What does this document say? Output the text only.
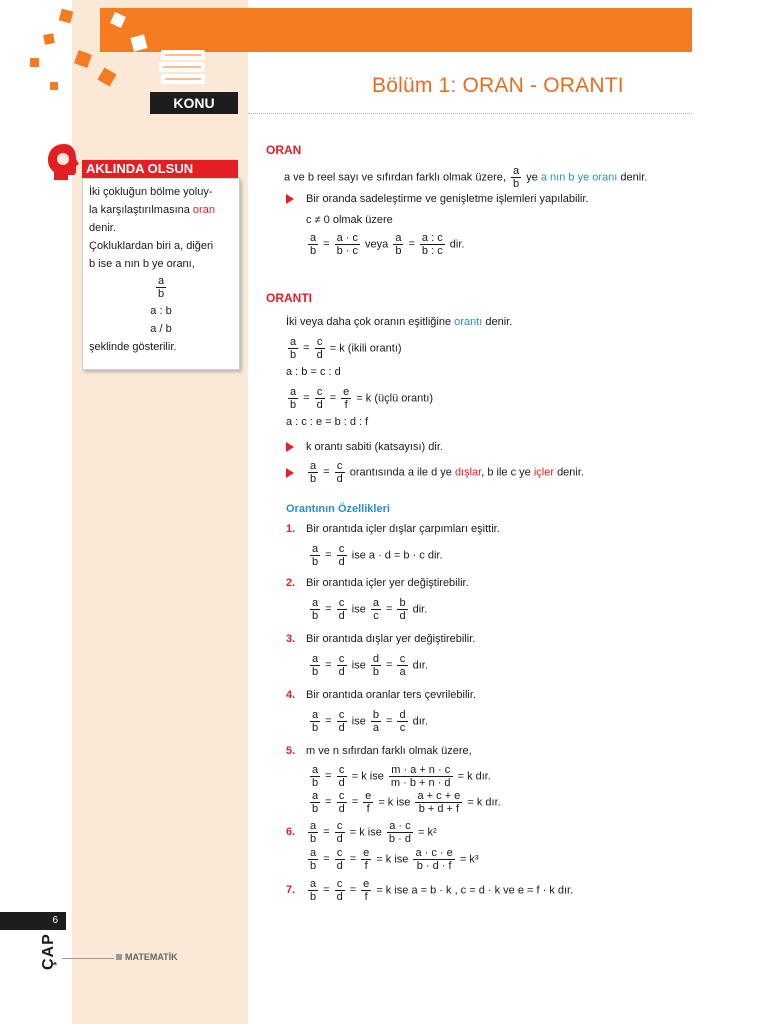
KONU
Bölüm 1: ORAN - ORANTI
AKLINDA OLSUN

İki çokluğun bölme yoluy-

la karşılaştırılmasına oran

denir.

Çokluklardan biri a, diğeri

b ise a nın b ye oranı,

$\frac{a}{b}$

a : b

a / b

şeklinde gösterilir.

ORAN
a ve b reel sayı ve sıfırdan farklı olmak üzere, $\frac{a}{b}$ ye a nın b ye oranı denir.
Bir oranda sadeleştirme ve genişletme işlemleri yapılabilir.
c ≠ 0 olmak üzere
$\frac{a}{b} = \frac{a \cdot c}{b \cdot c}$ veya $\frac{a}{b} = \frac{a : c}{b : c}$ dir.
ORANTI
İki veya daha çok oranın eşitliğine orantı denir.
$\frac{a}{b} = \frac{c}{d} = k$ (ikili orantı)
a : b = c : d
$\frac{a}{b} = \frac{c}{d} = \frac{e}{f} = k$ (üçlü orantı)
a : c : e = b : d : f
k orantı sabiti (katsayısı) dir.
$\frac{a}{b} = \frac{c}{d}$ orantısında a ile d ye dışlar, b ile c ye içler denir.
Orantının Özellikleri
1. Bir orantıda içler dışlar çarpımları eşittir.
$\frac{a}{b} = \frac{c}{d}$ ise a · d = b · c dir.
2. Bir orantıda içler yer değiştirebilir.
$\frac{a}{b} = \frac{c}{d}$ ise $\frac{a}{c} = \frac{b}{d}$ dir.
3. Bir orantıda dışlar yer değiştirebilir.
$\frac{a}{b} = \frac{c}{d}$ ise $\frac{d}{b} = \frac{c}{a}$ dır.
4. Bir orantıda oranlar ters çevrilebilir.
$\frac{a}{b} = \frac{c}{d}$ ise $\frac{b}{a} = \frac{d}{c}$ dır.
5. m ve n sıfırdan farklı olmak üzere,
$\frac{a}{b} = \frac{c}{d} = k$ ise $\frac{m \cdot a + n \cdot c}{m \cdot b + n \cdot d} = k$ dır.
$\frac{a}{b} = \frac{c}{d} = \frac{e}{f} = k$ ise $\frac{a + c + e}{b + d + f} = k$ dır.
6. $\frac{a}{b} = \frac{c}{d} = k$ ise $\frac{a \cdot c}{b \cdot d} = k^2$
$\frac{a}{b} = \frac{c}{d} = \frac{e}{f} = k$ ise $\frac{a \cdot c \cdot e}{b \cdot d \cdot f} = k^3$
7. $\frac{a}{b} = \frac{c}{d} = \frac{e}{f} = k$ ise a = b · k , c = d · k ve e = f · k dır.
6
ÇAP	MATEMATİK
